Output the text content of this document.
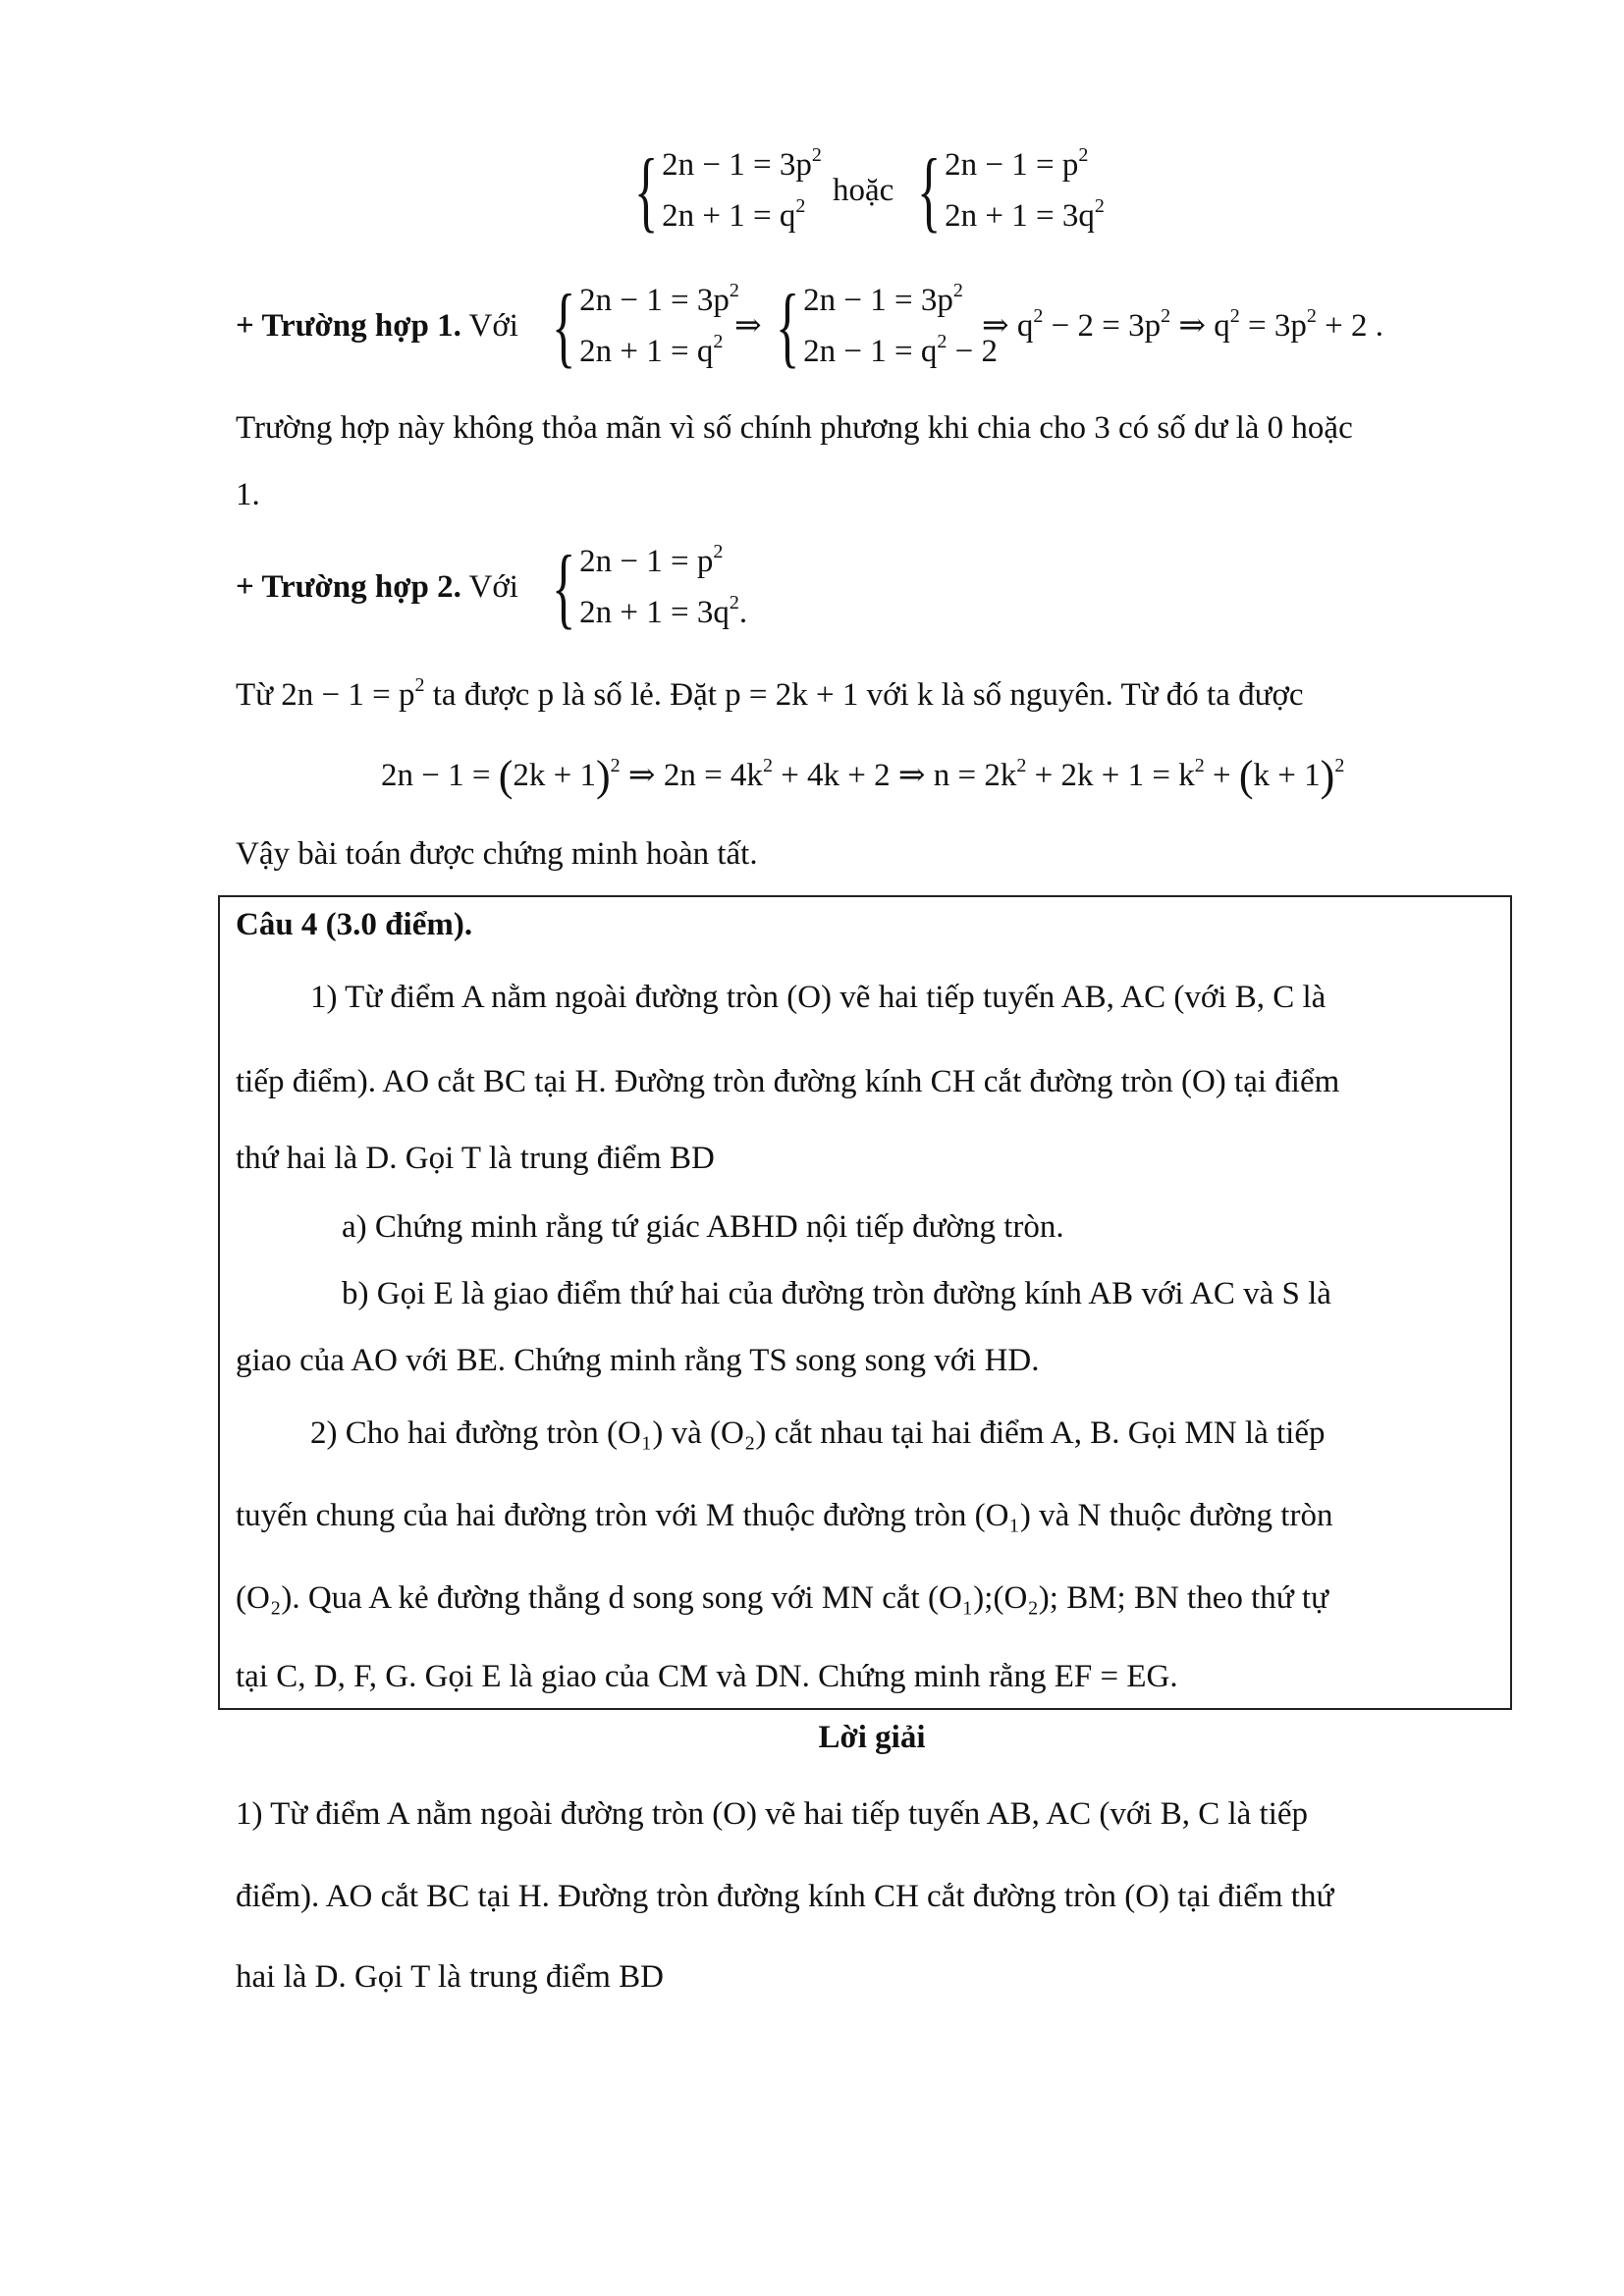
{ $2n - 1 = 3p^2$
$2n + 1 = q^2$ hoặc { $2n - 1 = p^2$
$2n + 1 = 3q^2$
+ Trường hợp 1. Với { $2n - 1 = 3p^2$
$2n + 1 = q^2$ ⇒ { $2n - 1 = 3p^2$
$2n - 1 = q^2 - 2$
⇒ $q^2 - 2 = 3p^2$ ⇒ $q^2 = 3p^2 + 2$ .
Trường hợp này không thỏa mãn vì số chính phương khi chia cho 3 có số dư là 0 hoặc
1.
+ Trường hợp 2. Với { $2n - 1 = p^2$
$2n + 1 = 3q^2$.
Từ $2n - 1 = p^2$ ta được p là số lẻ. Đặt p = 2k + 1 với k là số nguyên. Từ đó ta được
$2n - 1 = (2k + 1)^2$ ⇒ $2n = 4k^2 + 4k + 2$ ⇒ $n = 2k^2 + 2k + 1 = k^2 + (k + 1)^2$
Vậy bài toán được chứng minh hoàn tất.
Câu 4 (3.0 điểm).
1) Từ điểm A nằm ngoài đường tròn (O) vẽ hai tiếp tuyến AB, AC (với B, C là
tiếp điểm). AO cắt BC tại H. Đường tròn đường kính CH cắt đường tròn (O) tại điểm
thứ hai là D. Gọi T là trung điểm BD
a) Chứng minh rằng tứ giác ABHD nội tiếp đường tròn.
b) Gọi E là giao điểm thứ hai của đường tròn đường kính AB với AC và S là
giao của AO với BE. Chứng minh rằng TS song song với HD.
2) Cho hai đường tròn (O₁) và (O₂) cắt nhau tại hai điểm A, B. Gọi MN là tiếp
tuyến chung của hai đường tròn với M thuộc đường tròn (O₁) và N thuộc đường tròn
(O₂). Qua A kẻ đường thẳng d song song với MN cắt (O₁);(O₂); BM; BN theo thứ tự
tại C, D, F, G. Gọi E là giao của CM và DN. Chứng minh rằng EF = EG.
Lời giải
1) Từ điểm A nằm ngoài đường tròn (O) vẽ hai tiếp tuyến AB, AC (với B, C là tiếp
điểm). AO cắt BC tại H. Đường tròn đường kính CH cắt đường tròn (O) tại điểm thứ
hai là D. Gọi T là trung điểm BD
